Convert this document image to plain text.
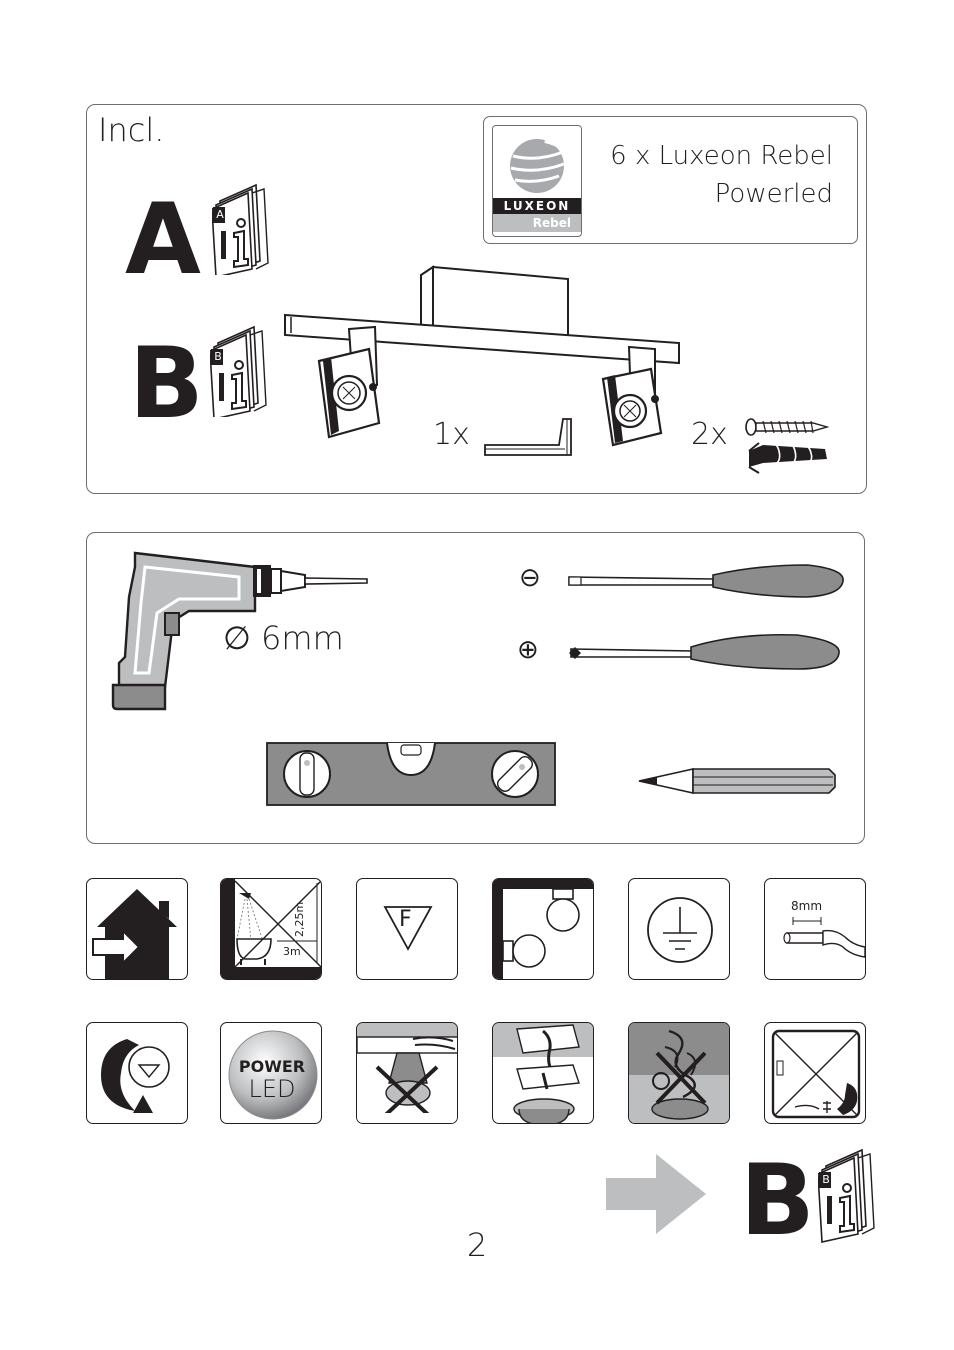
Incl.
LUXEON
Rebel
6 x Luxeon Rebel
Powerled
A A
B B
1x	2x
∅ 6mm
⊖
⊕
2,25m
3m
F
8mm
POWER
LED
B B
2
